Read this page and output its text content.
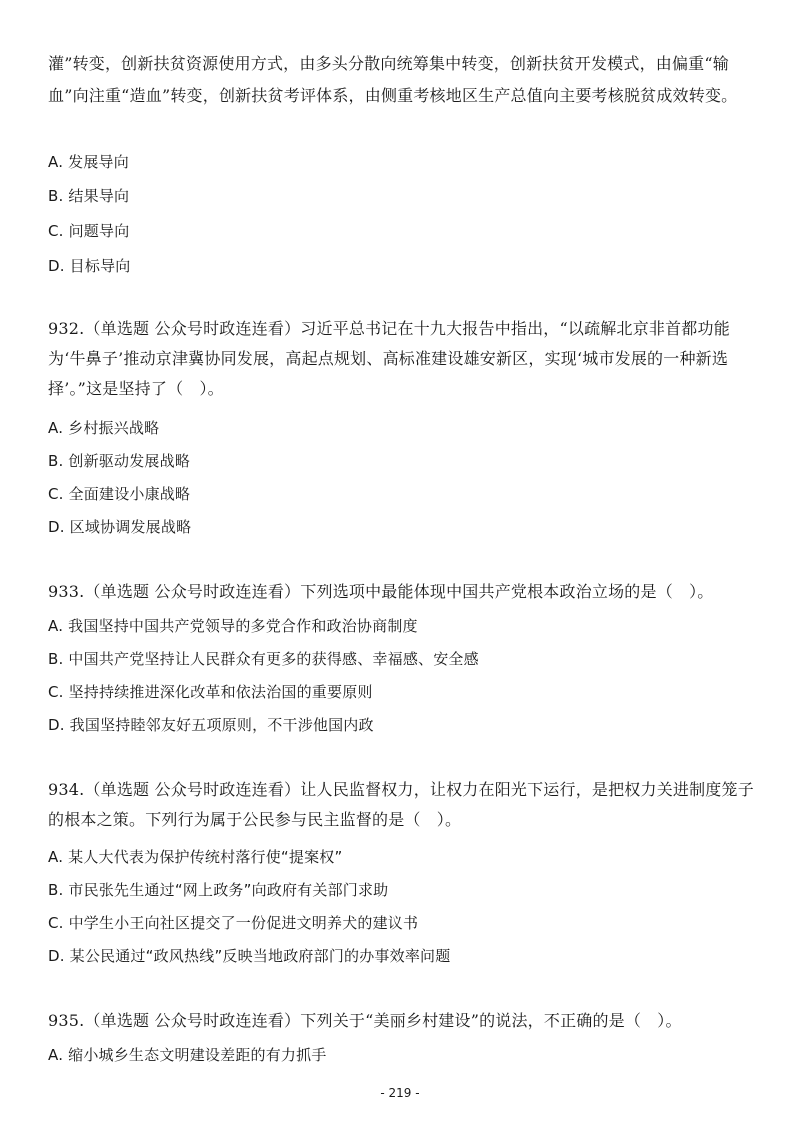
灌”转变，创新扶贫资源使用方式，由多头分散向统筹集中转变，创新扶贫开发模式，由偏重“输血”向注重“造血”转变，创新扶贫考评体系，由侧重考核地区生产总值向主要考核脱贫成效转变。
A. 发展导向
B. 结果导向
C. 问题导向
D. 目标导向
932.（单选题 公众号时政连连看）习近平总书记在十九大报告中指出，“以疏解北京非首都功能为‘牛鼻子’推动京津冀协同发展，高起点规划、高标准建设雄安新区，实现‘城市发展的一种新选择’。”这是坚持了（　）。
A. 乡村振兴战略
B. 创新驱动发展战略
C. 全面建设小康战略
D. 区域协调发展战略
933.（单选题 公众号时政连连看）下列选项中最能体现中国共产党根本政治立场的是（　）。
A. 我国坚持中国共产党领导的多党合作和政治协商制度
B. 中国共产党坚持让人民群众有更多的获得感、幸福感、安全感
C. 坚持持续推进深化改革和依法治国的重要原则
D. 我国坚持睦邻友好五项原则，不干涉他国内政
934.（单选题 公众号时政连连看）让人民监督权力，让权力在阳光下运行，是把权力关进制度笼子的根本之策。下列行为属于公民参与民主监督的是（　）。
A. 某人大代表为保护传统村落行使“提案权”
B. 市民张先生通过“网上政务”向政府有关部门求助
C. 中学生小王向社区提交了一份促进文明养犬的建议书
D. 某公民通过“政风热线”反映当地政府部门的办事效率问题
935.（单选题 公众号时政连连看）下列关于“美丽乡村建设”的说法，不正确的是（　）。
A. 缩小城乡生态文明建设差距的有力抓手
- 219 -
